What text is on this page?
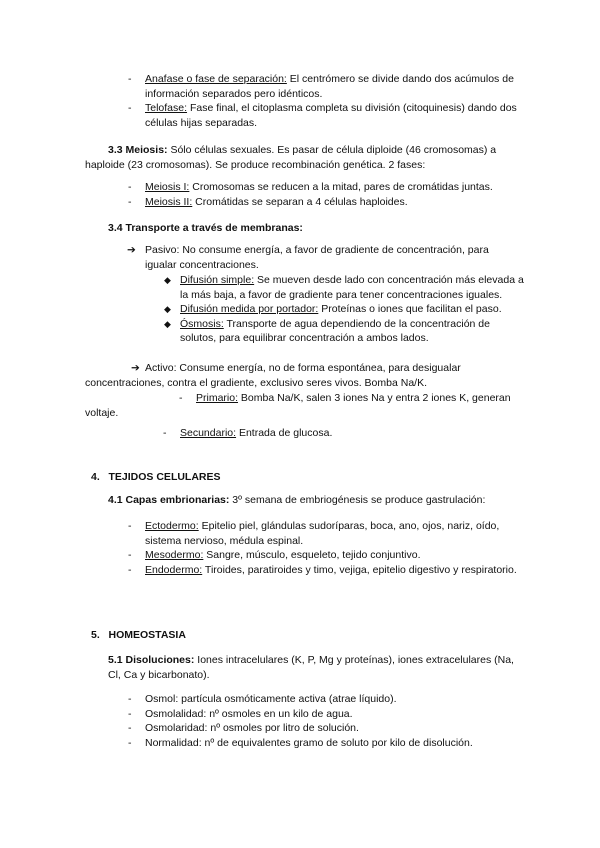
- Anafase o fase de separación: El centrómero se divide dando dos acúmulos de información separados pero idénticos.
- Telofase: Fase final, el citoplasma completa su división (citoquinesis) dando dos células hijas separadas.
3.3 Meiosis: Sólo células sexuales. Es pasar de célula diploide (46 cromosomas) a haploide (23 cromosomas). Se produce recombinación genética. 2 fases:
- Meiosis I: Cromosomas se reducen a la mitad, pares de cromátidas juntas.
- Meiosis II: Cromátidas se separan a 4 células haploides.
3.4 Transporte a través de membranas:
➔ Pasivo: No consume energía, a favor de gradiente de concentración, para igualar concentraciones.
◆ Difusión simple: Se mueven desde lado con concentración más elevada a la más baja, a favor de gradiente para tener concentraciones iguales.
◆ Difusión medida por portador: Proteínas o iones que facilitan el paso.
◆ Ósmosis: Transporte de agua dependiendo de la concentración de solutos, para equilibrar concentración a ambos lados.
➔ Activo: Consume energía, no de forma espontánea, para desigualar concentraciones, contra el gradiente, exclusivo seres vivos. Bomba Na/K.
- Primario: Bomba Na/K, salen 3 iones Na y entra 2 iones K, generan voltaje.
- Secundario: Entrada de glucosa.
4.   TEJIDOS CELULARES
4.1 Capas embrionarias: 3º semana de embriogénesis se produce gastrulación:
- Ectodermo: Epitelio piel, glándulas sudoríparas, boca, ano, ojos, nariz, oído, sistema nervioso, médula espinal.
- Mesodermo: Sangre, músculo, esqueleto, tejido conjuntivo.
- Endodermo: Tiroides, paratiroides y timo, vejiga, epitelio digestivo y respiratorio.
5.   HOMEOSTASIA
5.1 Disoluciones: Iones intracelulares (K, P, Mg y proteínas), iones extracelulares (Na, Cl, Ca y bicarbonato).
- Osmol: partícula osmóticamente activa (atrae líquido).
- Osmolalidad: nº osmoles en un kilo de agua.
- Osmolaridad: nº osmoles por litro de solución.
- Normalidad: nº de equivalentes gramo de soluto por kilo de disolución.
